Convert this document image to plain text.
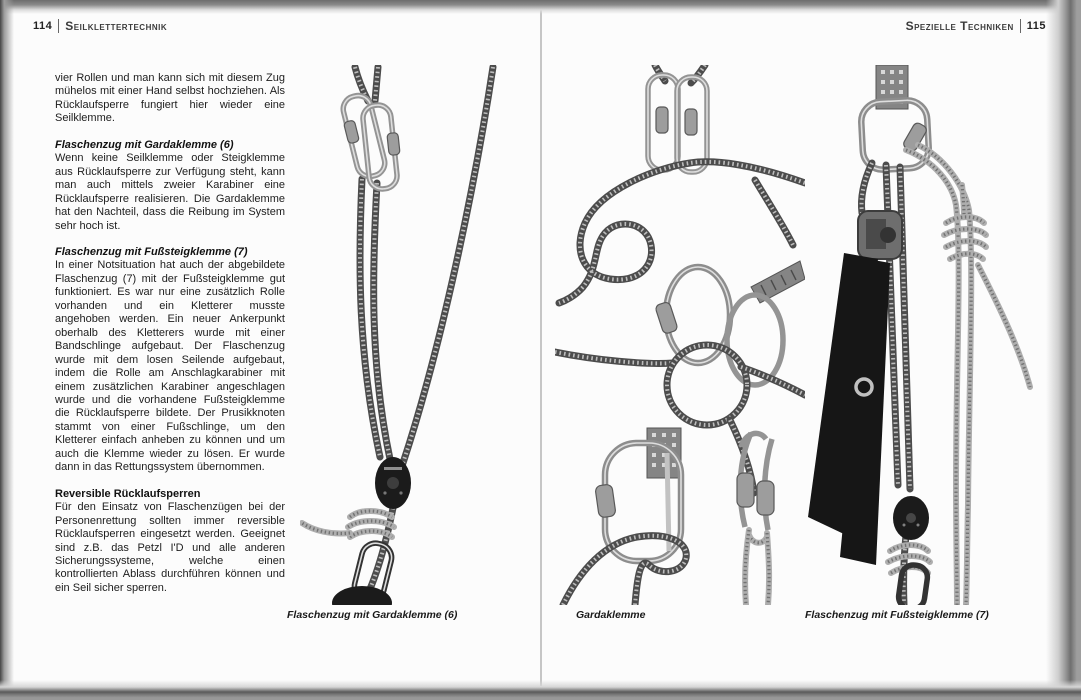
114 Seilklettertechnik	Spezielle Techniken 115

vier Rollen und man kann sich mit diesem Zug mühelos mit einer Hand selbst hochziehen. Als Rücklaufsperre fungiert hier wieder eine Seilklemme.

Flaschenzug mit Gardaklemme (6)

Wenn keine Seilklemme oder Steigklemme aus Rücklaufsperre zur Verfügung steht, kann man auch mittels zweier Karabiner eine Rücklaufsperre realisieren. Die Gardaklemme hat den Nachteil, dass die Reibung im System sehr hoch ist.

Flaschenzug mit Fußsteigklemme (7)

In einer Notsituation hat auch der abgebildete Flaschenzug (7) mit der Fußsteigklemme gut funktioniert. Es war nur eine zusätzlich Rolle vorhanden und ein Kletterer musste angehoben werden. Ein neuer Ankerpunkt oberhalb des Kletterers wurde mit einer Bandschlinge aufgebaut. Der Flaschenzug wurde mit dem losen Seilende aufgebaut, indem die Rolle am Anschlagkarabiner mit einem zusätzlichen Karabiner angeschlagen wurde und die vorhandene Fußsteigklemme die Rücklaufsperre bildete. Der Prusikknoten stammt von einer Fußschlinge, um den Kletterer einfach anheben zu können und um auch die Klemme wieder zu lösen. Er wurde dann in das Rettungssystem übernommen.

Reversible Rücklaufsperren

Für den Einsatz von Flaschenzügen bei der Personenrettung sollten immer reversible Rücklaufsperren eingesetzt werden. Geeignet sind z.B. das Petzl I'D und alle anderen Sicherungssysteme, welche einen kontrollierten Ablass durchführen können und ein Seil sicher sperren.

Flaschenzug mit Gardaklemme (6)	Gardaklemme	Flaschenzug mit Fußsteigklemme (7)
